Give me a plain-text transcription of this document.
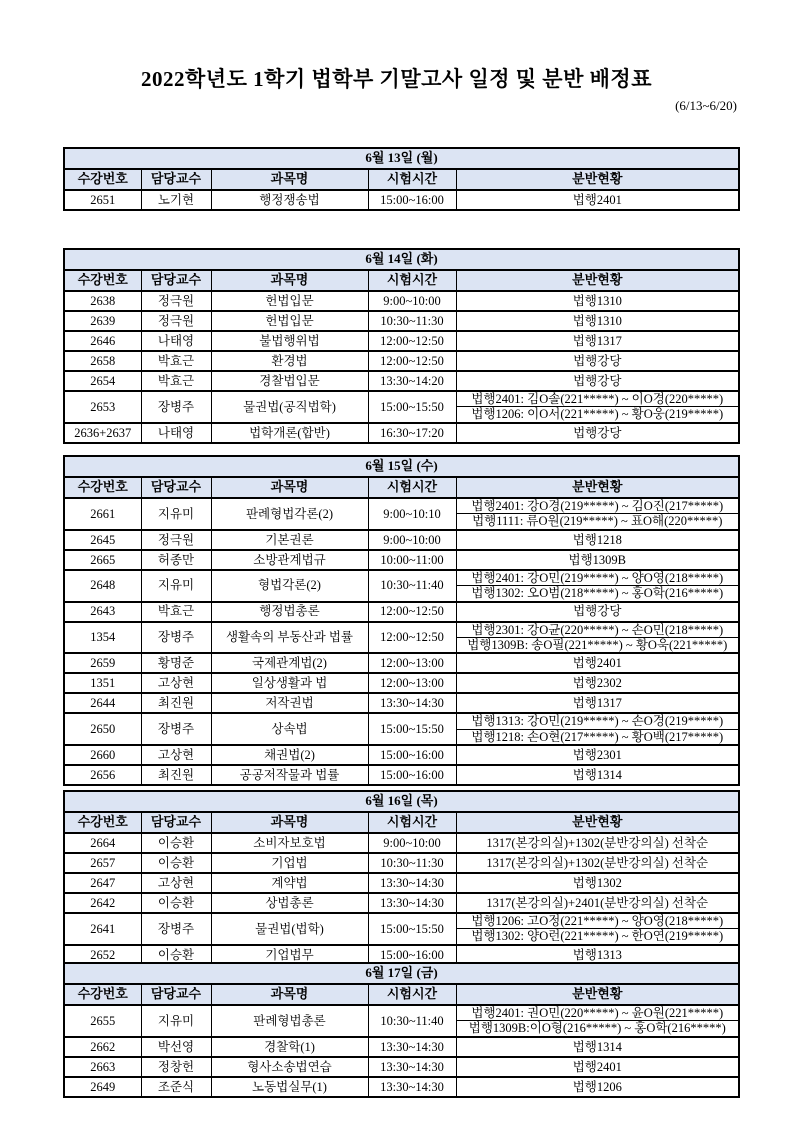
2022학년도 1학기 법학부 기말고사 일정 및 분반 배정표
(6/13~6/20)
6월 13일 (월)				
수강번호	담당교수	과목명	시험시간	분반현황
2651	노기현	행정쟁송법	15:00~16:00	법행2401
6월 14일 (화)				
수강번호	담당교수	과목명	시험시간	분반현황
2638	정극원	헌법입문	9:00~10:00	법행1310
2639	정극원	헌법입문	10:30~11:30	법행1310
2646	나태영	불법행위법	12:00~12:50	법행1317
2658	박효근	환경법	12:00~12:50	법행강당
2654	박효근	경찰법입문	13:30~14:20	법행강당
2653	장병주	물권법(공직법학)	15:00~15:50	법행2401: 김O솔(221*****) ~ 이O경(220*****)
				법행1206: 이O서(221*****) ~ 황O웅(219*****)
2636+2637	나태영	법학개론(합반)	16:30~17:20	법행강당
6월 15일 (수)				
수강번호	담당교수	과목명	시험시간	분반현황
2661	지유미	판례형법각론(2)	9:00~10:10	법행2401: 강O경(219*****) ~ 김O진(217*****)
				법행1111: 류O원(219*****) ~ 표O해(220*****)
2645	정극원	기본권론	9:00~10:00	법행1218
2665	허종만	소방관계법규	10:00~11:00	법행1309B
2648	지유미	형법각론(2)	10:30~11:40	법행2401: 강O민(219*****) ~ 양O영(218*****)
				법행1302: 오O범(218*****) ~ 홍O학(216*****)
2643	박효근	행정법총론	12:00~12:50	법행강당
1354	장병주	생활속의 부동산과 법률	12:00~12:50	법행2301: 강O균(220*****) ~ 손O민(218*****)
				법행1309B: 송O필(221*****) ~ 황O욱(221*****)
2659	황명준	국제관계법(2)	12:00~13:00	법행2401
1351	고상현	일상생활과 법	12:00~13:00	법행2302
2644	최진원	저작권법	13:30~14:30	법행1317
2650	장병주	상속법	15:00~15:50	법행1313: 강O민(219*****) ~ 손O경(219*****)
				법행1218: 손O현(217*****) ~ 황O백(217*****)
2660	고상현	채권법(2)	15:00~16:00	법행2301
2656	최진원	공공저작물과 법률	15:00~16:00	법행1314
6월 16일 (목)				
수강번호	담당교수	과목명	시험시간	분반현황
2664	이승환	소비자보호법	9:00~10:00	1317(본강의실)+1302(분반강의실) 선착순
2657	이승환	기업법	10:30~11:30	1317(본강의실)+1302(분반강의실) 선착순
2647	고상현	계약법	13:30~14:30	법행1302
2642	이승환	상법총론	13:30~14:30	1317(본강의실)+2401(분반강의실) 선착순
2641	장병주	물권법(법학)	15:00~15:50	법행1206: 고O정(221*****) ~ 양O영(218*****)
				법행1302: 양O런(221*****) ~ 한O연(219*****)
2652	이승환	기업법무	15:00~16:00	법행1313
6월 17일 (금)				
수강번호	담당교수	과목명	시험시간	분반현황
2655	지유미	판례형법총론	10:30~11:40	법행2401: 권O민(220*****) ~ 윤O원(221*****)
				법행1309B:이O형(216*****) ~ 홍O학(216*****)
2662	박선영	경찰학(1)	13:30~14:30	법행1314
2663	정창헌	형사소송법연습	13:30~14:30	법행2401
2649	조준식	노동법실무(1)	13:30~14:30	법행1206
